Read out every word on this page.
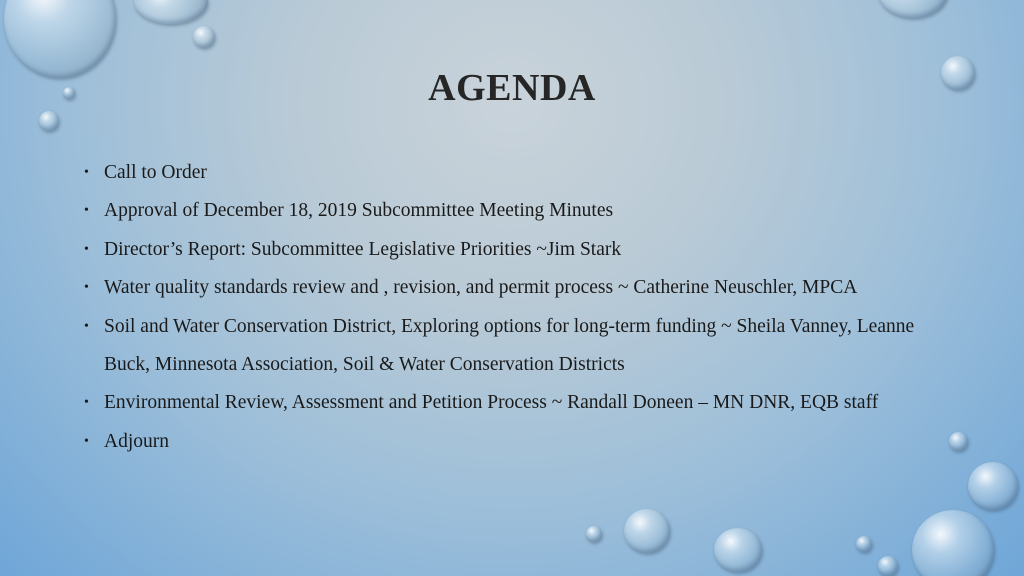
AGENDA
• Call to Order
• Approval of December 18, 2019 Subcommittee Meeting Minutes
• Director’s Report: Subcommittee Legislative Priorities ~Jim Stark
• Water quality standards review and , revision, and permit process ~ Catherine Neuschler, MPCA
• Soil and Water Conservation District, Exploring options for long-term funding ~ Sheila Vanney, Leanne Buck, Minnesota Association, Soil & Water Conservation Districts
• Environmental Review, Assessment and Petition Process ~ Randall Doneen – MN DNR, EQB staff
• Adjourn
